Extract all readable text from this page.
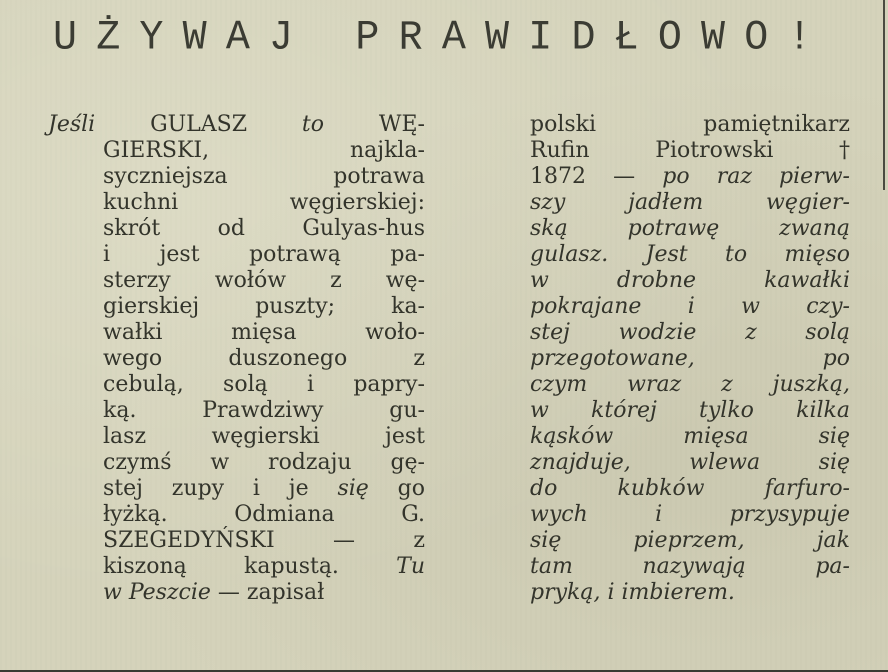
UŻYWAJ PRAWIDŁOWO!
Jeśli GULASZ to WĘ-
GIERSKI, najkla-
syczniejsza potrawa
kuchni węgierskiej:
skrót od Gulyas-hus
i jest potrawą pa-
sterzy wołów z wę-
gierskiej puszty; ka-
wałki mięsa woło-
wego duszonego z
cebulą, solą i papry-
ką. Prawdziwy gu-
lasz węgierski jest
czymś w rodzaju gę-
stej zupy i je się go
łyżką. Odmiana G.
SZEGEDYŃSKI — z
kiszoną kapustą. Tu
w Peszcie — zapisał
polski pamiętnikarz
Rufin Piotrowski †
1872 — po raz pierw-
szy jadłem węgier-
ską potrawę zwaną
gulasz. Jest to mięso
w drobne kawałki
pokrajane i w czy-
stej wodzie z solą
przegotowane, po
czym wraz z juszką,
w której tylko kilka
kąsków mięsa się
znajduje, wlewa się
do kubków farfuro-
wych i przysypuje
się pieprzem, jak
tam nazywają pa-
pryką, i imbierem.
